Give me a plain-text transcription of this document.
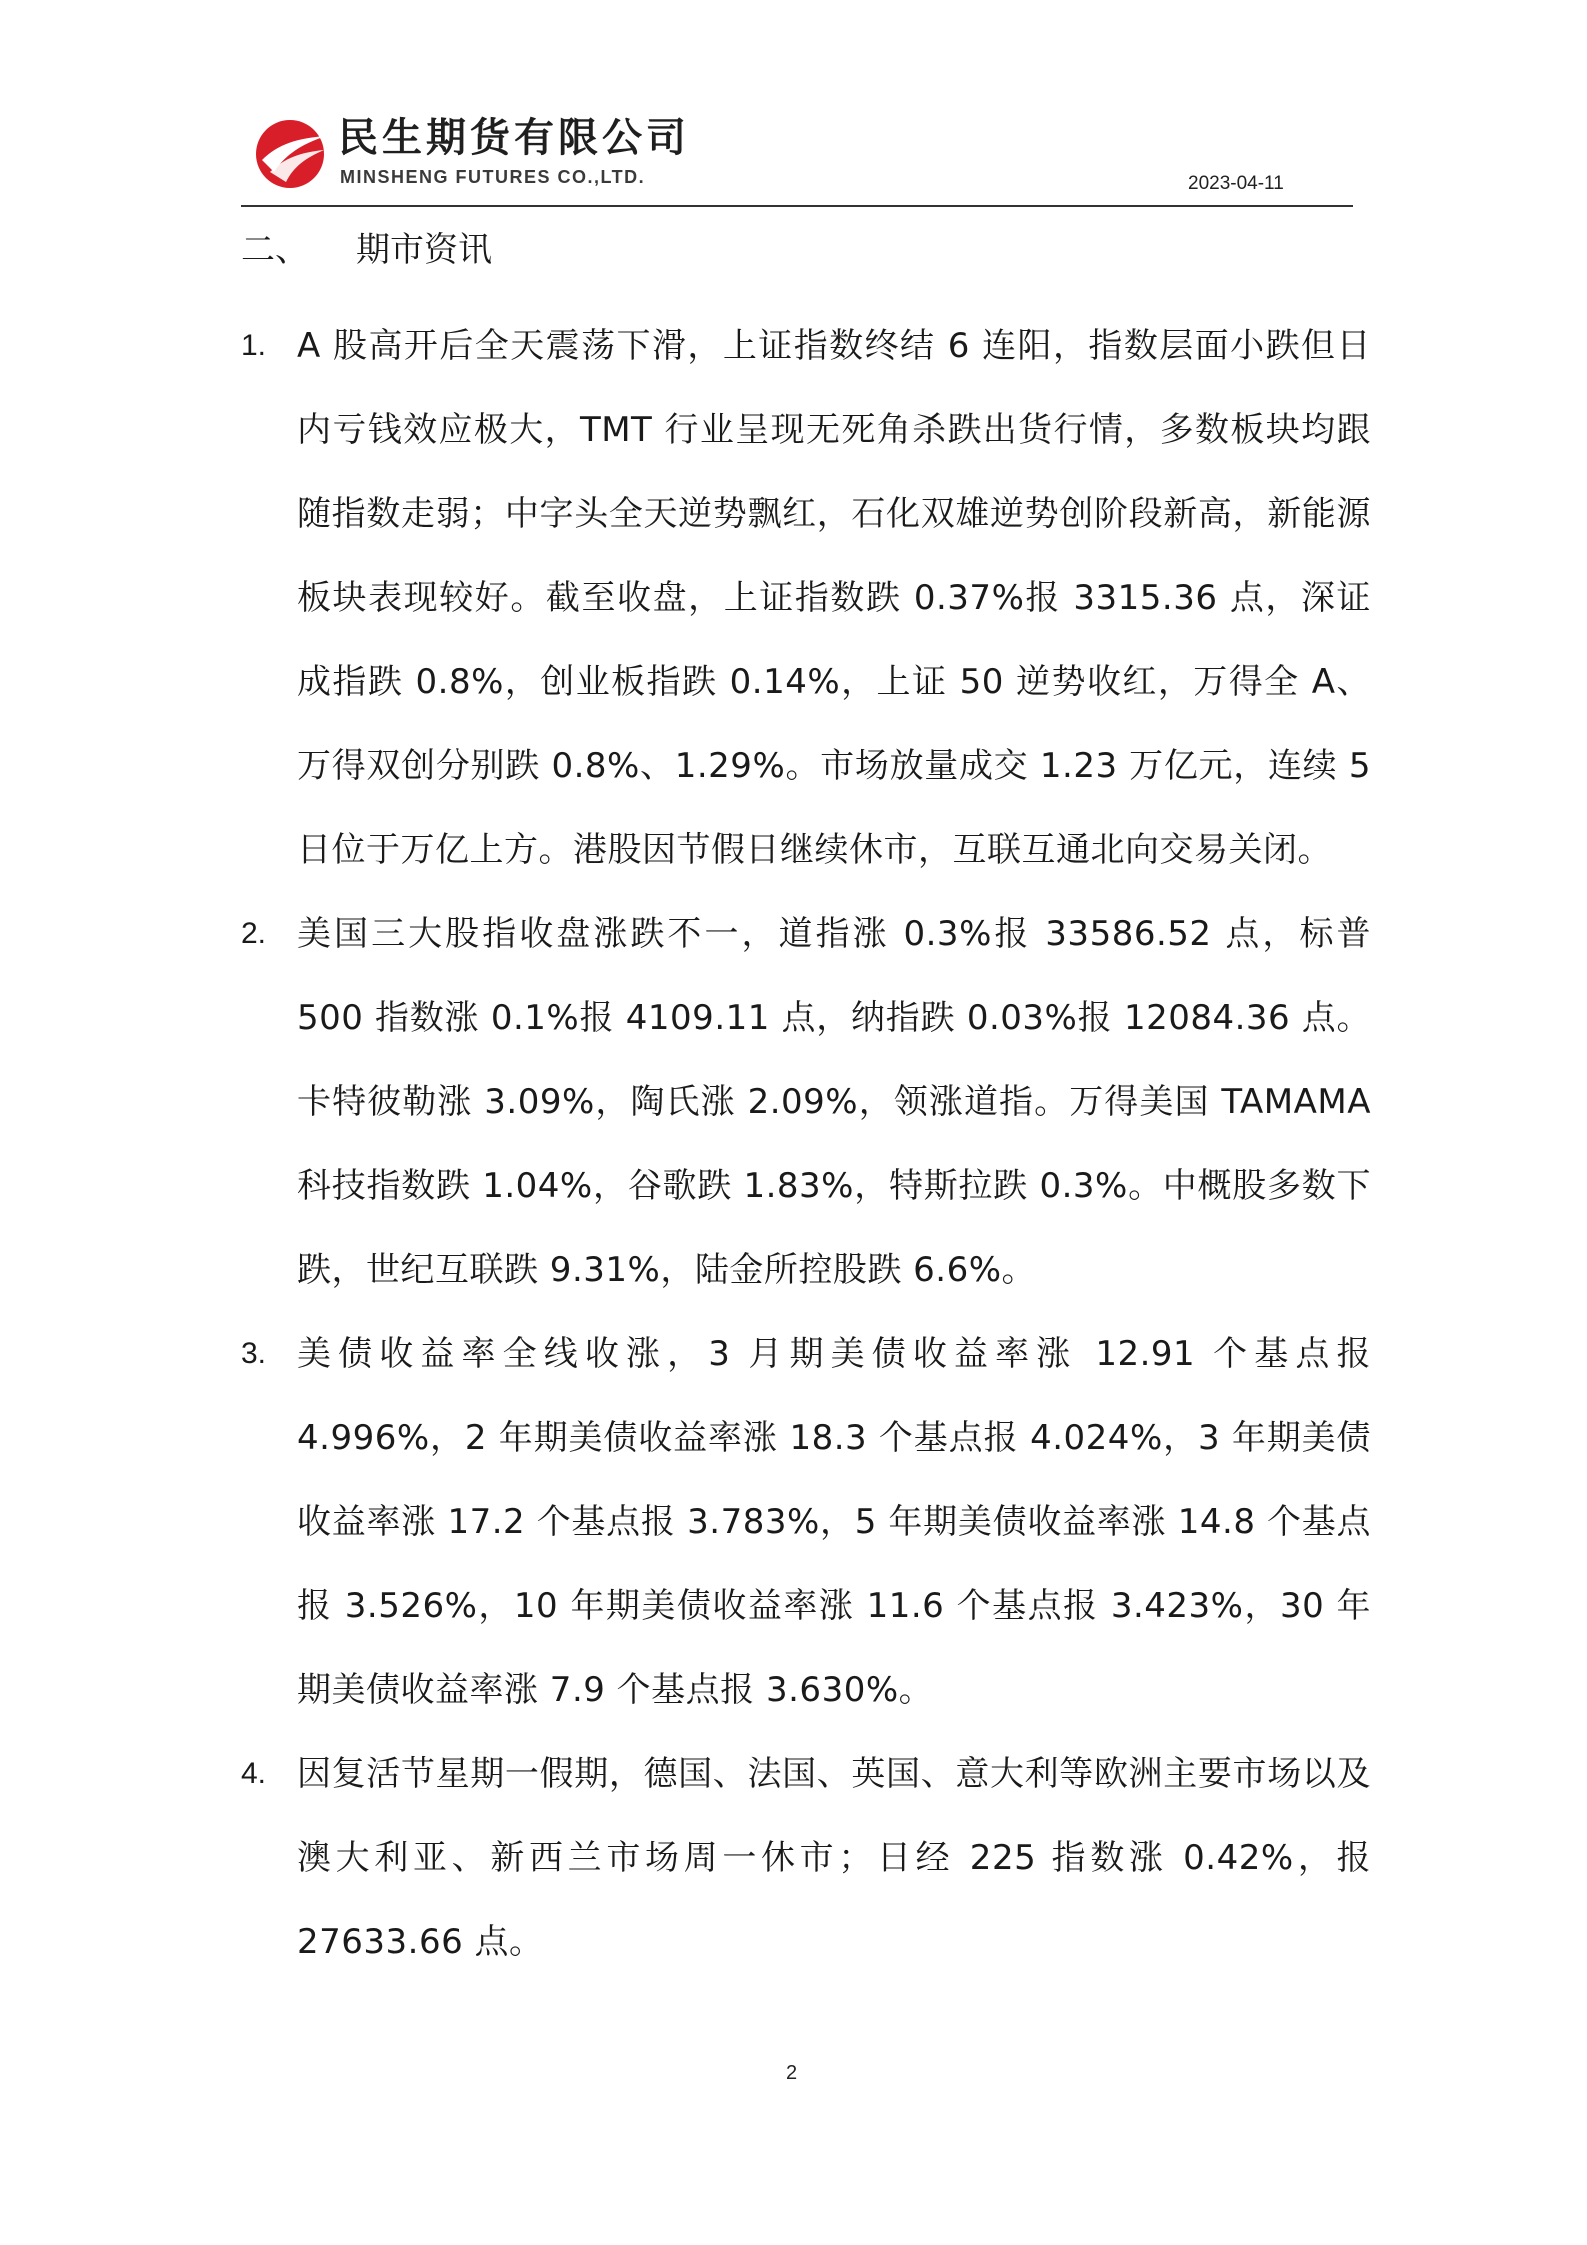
民生期货有限公司
MINSHENG FUTURES CO.,LTD.	2023-04-11
二、 期市资讯
1. A 股高开后全天震荡下滑，上证指数终结 6 连阳，指数层面小跌但日内亏钱效应极大，TMT 行业呈现无死角杀跌出货行情，多数板块均跟随指数走弱；中字头全天逆势飘红，石化双雄逆势创阶段新高，新能源板块表现较好。截至收盘，上证指数跌 0.37%报 3315.36 点，深证成指跌 0.8%，创业板指跌 0.14%，上证 50 逆势收红，万得全 A、万得双创分别跌 0.8%、1.29%。市场放量成交 1.23 万亿元，连续 5 日位于万亿上方。港股因节假日继续休市，互联互通北向交易关闭。

2. 美国三大股指收盘涨跌不一，道指涨 0.3%报 33586.52 点，标普 500 指数涨 0.1%报 4109.11 点，纳指跌 0.03%报 12084.36 点。卡特彼勒涨 3.09%，陶氏涨 2.09%，领涨道指。万得美国 TAMAMA 科技指数跌 1.04%，谷歌跌 1.83%，特斯拉跌 0.3%。中概股多数下跌，世纪互联跌 9.31%，陆金所控股跌 6.6%。

3. 美债收益率全线收涨，3 月期美债收益率涨 12.91 个基点报 4.996%，2 年期美债收益率涨 18.3 个基点报 4.024%，3 年期美债收益率涨 17.2 个基点报 3.783%，5 年期美债收益率涨 14.8 个基点报 3.526%，10 年期美债收益率涨 11.6 个基点报 3.423%，30 年期美债收益率涨 7.9 个基点报 3.630%。

4. 因复活节星期一假期，德国、法国、英国、意大利等欧洲主要市场以及澳大利亚、新西兰市场周一休市；日经 225 指数涨 0.42%，报 27633.66 点。

2
